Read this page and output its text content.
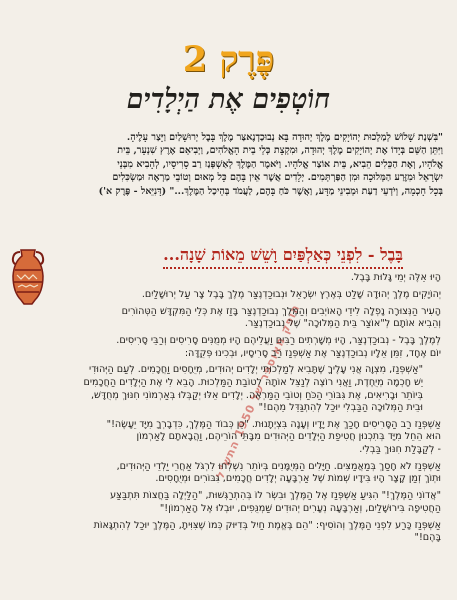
פֶּרֶק 2
חוֹטְפִים אֶת הַיְלָדִים
"בִּשְׁנַת שָׁלוֹשׁ לְמַלְכוּת יְהוֹיָקִים מֶלֶךְ יְהוּדָה בָּא נְבוּכַדְנֶאצַּר מֶלֶךְ בָּבֶל יְרוּשָׁלַיִם וַיָּצַר עָלֶיהָ.
וַיִּתֵּן הַשֵּׁם בְּיָדוֹ אֶת יְהוֹיָקִים מֶלֶךְ יְהוּדָה, וּמִקְצָת כְּלֵי בֵית הָאֱלֹהִים, וַיְבִיאֵם אֶרֶץ שִׁנְעָר, בֵּית
אֱלֹהָיו, וְאֶת הַכֵּלִים הֵבִיא, בֵּית אוֹצַר אֱלֹהָיו. וַיֹּאמֶר הַמֶּלֶךְ לְאַשְׁפְּנַז רַב סָרִיסָיו, לְהָבִיא מִבְּנֵי
יִשְׂרָאֵל וּמִזֶּרַע הַמְּלוּכָה וּמִן הַפַּרְתְּמִים. יְלָדִים אֲשֶׁר אֵין בָּהֶם כָּל מְאוּם וְטוֹבֵי מַרְאֶה וּמַשְׂכִּלִים
בְּכָל חָכְמָה, וְיֹדְעֵי דַעַת וּמְבִינֵי מַדָּע, וַאֲשֶׁר כֹּחַ בָּהֶם, לַעֲמֹד בְּהֵיכַל הַמֶּלֶךְ..." (דָּנִיֵּאל - פֶּרֶק א')
בָּבֶל - לִפְנֵי כְּאַלְפַּיִם וָשֵׁשׁ מֵאוֹת שָׁנָה...
הופק מאוספר של 1950 התש"ל

הָיוּ אֵלֶּה יְמֵי גָּלוּת בָּבֶל.

יְהוֹיָקִים מֶלֶךְ יְהוּדָה שָׁלַט בְּאֶרֶץ יִשְׂרָאֵל וּנְבוּכַדְנֶצַּר מֶלֶךְ בָּבֶל צָר עַל יְרוּשָׁלַיִם.

הָעִיר הַנְּצוּרָה נָפְלָה לִידֵי הָאוֹיְבִים וְהַמֶּלֶךְ נְבוּכַדְנֶצַּר בָּזַז אֶת כְּלֵי הַמִּקְדָּשׁ הַטְּהוֹרִים
וְהֵבִיא אוֹתָם לְ"אוֹצַר בֵּית הַמְּלוּכָה" שֶׁל נְבוּכַדְנֶצַּר.

לְמֶלֶךְ בָּבֶל - נְבוּכַדְנֶצַּר, הָיוּ מְשָׁרְתִים רַבִּים וַעֲלֵיהֶם הָיוּ מְמֻנִּים סָרִיסִים וְרַבֵּי סָרִיסִים.
יוֹם אֶחָד, זִמֵּן אֵלָיו נְבוּכַדְנֶצַּר אֶת אַשְׁפְּנַז רַב סָרִיסָיו, וּבְכִינוּ פְּקֻדָּה:

"אַשְׁפְּנַז, מִצְוָה אֲנִי עָלֶיךָ שֶׁתָּבִיא לְמַלְכוּתִי יְלָדִים יְהוּדִים, מְיֻחָסִים וַחֲכָמִים. לְעַם הַיְּהוּדִי
יֵשׁ חָכְמָה מְיֻחֶדֶת, וַאֲנִי רוֹצֶה לְנַצֵּל אוֹתָהּ לְטוֹבַת הַמַּלְכוּת. הָבֵא לִי אֶת הַיְּלָדִים הַחֲכָמִים
בְּיוֹתֵר וּבָרִיאִים, אֶת גִּבּוֹרֵי הַכֹּחַ וְטוֹבֵי הַמַּרְאֶה. יְלָדִים אֵלּוּ יְקַבְּלוּ בְּאַרְמוֹנִי חִנּוּךְ מְחֻדָּשׁ,
וּבֵית הַמְּלוּכָה הַבַּבְלִי יוּכַל לְהִתְגַּדֵּל מֵהֶם!"

אַשְׁפְּנַז רַב הַסָּרִיסִים חָכַךְ אֶת יָדָיו וְעָנָה בִּצְיְתָנוּת. "כֵּן כְּבוֹד הַמֶּלֶךְ, כִּדְבָרְךָ מִיָּד יֵעָשֶׂה!"
הוּא הֵחֵל מִיָּד בְּתִכְנוּן חֲטִיפַת הַיְּלָדִים הַיְּהוּדִים מִבָּתֵּי הוֹרֵיהֶם, וַהֲבָאתָם לָאַרְמוֹן
- לְקַבָּלַת חִנּוּךְ בַּבְלִי.

אַשְׁפְּנַז לֹא חָסַךְ בְּמַאֲמַצִּים. חַיָּלִים הַמְּיֻמָּנִים בְּיוֹתֵר נִשְׁלְחוּ לִרְגֹּל אַחֲרֵי יַלְדֵי הַיְּהוּדִים,
וּתְוֹךְ זְמַן קָצָר הָיוּ בִּידָיו שְׁמוֹת שֶׁל אַרְבָּעָה יְלָדִים חֲכָמִים, גִּבּוֹרִים וּמְיֻחָסִים.

"אֲדוֹנִי הַמֶּלֶךְ!" הִגִּיעַ אַשְׁפְּנַז אֶל הַמֶּלֶךְ וּבִשְׂר לוֹ בְּהִתְרַגְּשׁוּת, "הַלַּיְלָה בַּחֲצוֹת תִּתְבַּצַּע
הַחֲטִיפָה בִּירוּשָׁלַיִם, וְאַרְבָּעָה נְעָרִים יְהוּדִים שַׁמְנֻּפִים, יוּבְלוּ אֶל הָאַרְמוֹן!"

אַשְׁפְּנַז כָּרַע לִפְנֵי הַמֶּלֶךְ וְהוֹסִיף: "הֵם בֶּאֱמֶת חַיִל בְּדִיּוּק כְּמוֹ שֶׁצִּוִּיתָ, הַמֶּלֶךְ יוּכַל לְהִתְגָּאוֹת
בָּהֶם!"
